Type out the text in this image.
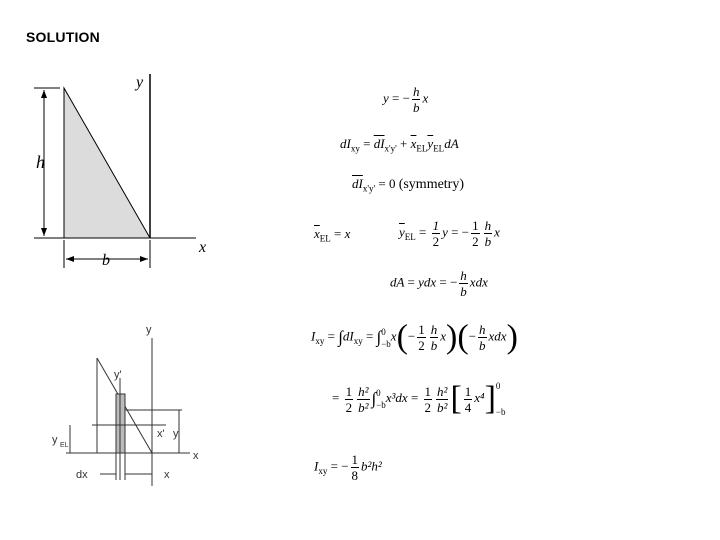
SOLUTION
y
x
h
b
y
y'
x'
x
y EL
y
dx	x
y = − $\frac{h}{b}$ x
$dI_{xy} = \overline{dI}_{x'y'} + \overline{x}_{EL}\overline{y}_{EL}dA$
$\overline{dI}_{x'y'} = 0$ (symmetry)
$\overline{x}_{EL} = x$	$\overline{y}_{EL} = \frac{1}{2}$ y = − $\frac{1}{2} \frac{h}{b}$ x
dA = ydx = − $\frac{h}{b}$ xdx
$I_{xy} = \int dI_{xy}$ = ∫ 0
−b
$x(- \frac{1}{2} \frac{h}{b} x)(- \frac{h}{b} xdx)$
= $\frac{1}{2} \frac{\text{h²}}{\text{b²}}$ ∫ 0
−b
$x^3dx = \frac{1}{2} \frac{\text{h²}}{\text{b²}}$ [ $\frac{1}{4} x^4$] 0
−b
$I_{xy}$ = − $\frac{1}{8} b^2h^2$
